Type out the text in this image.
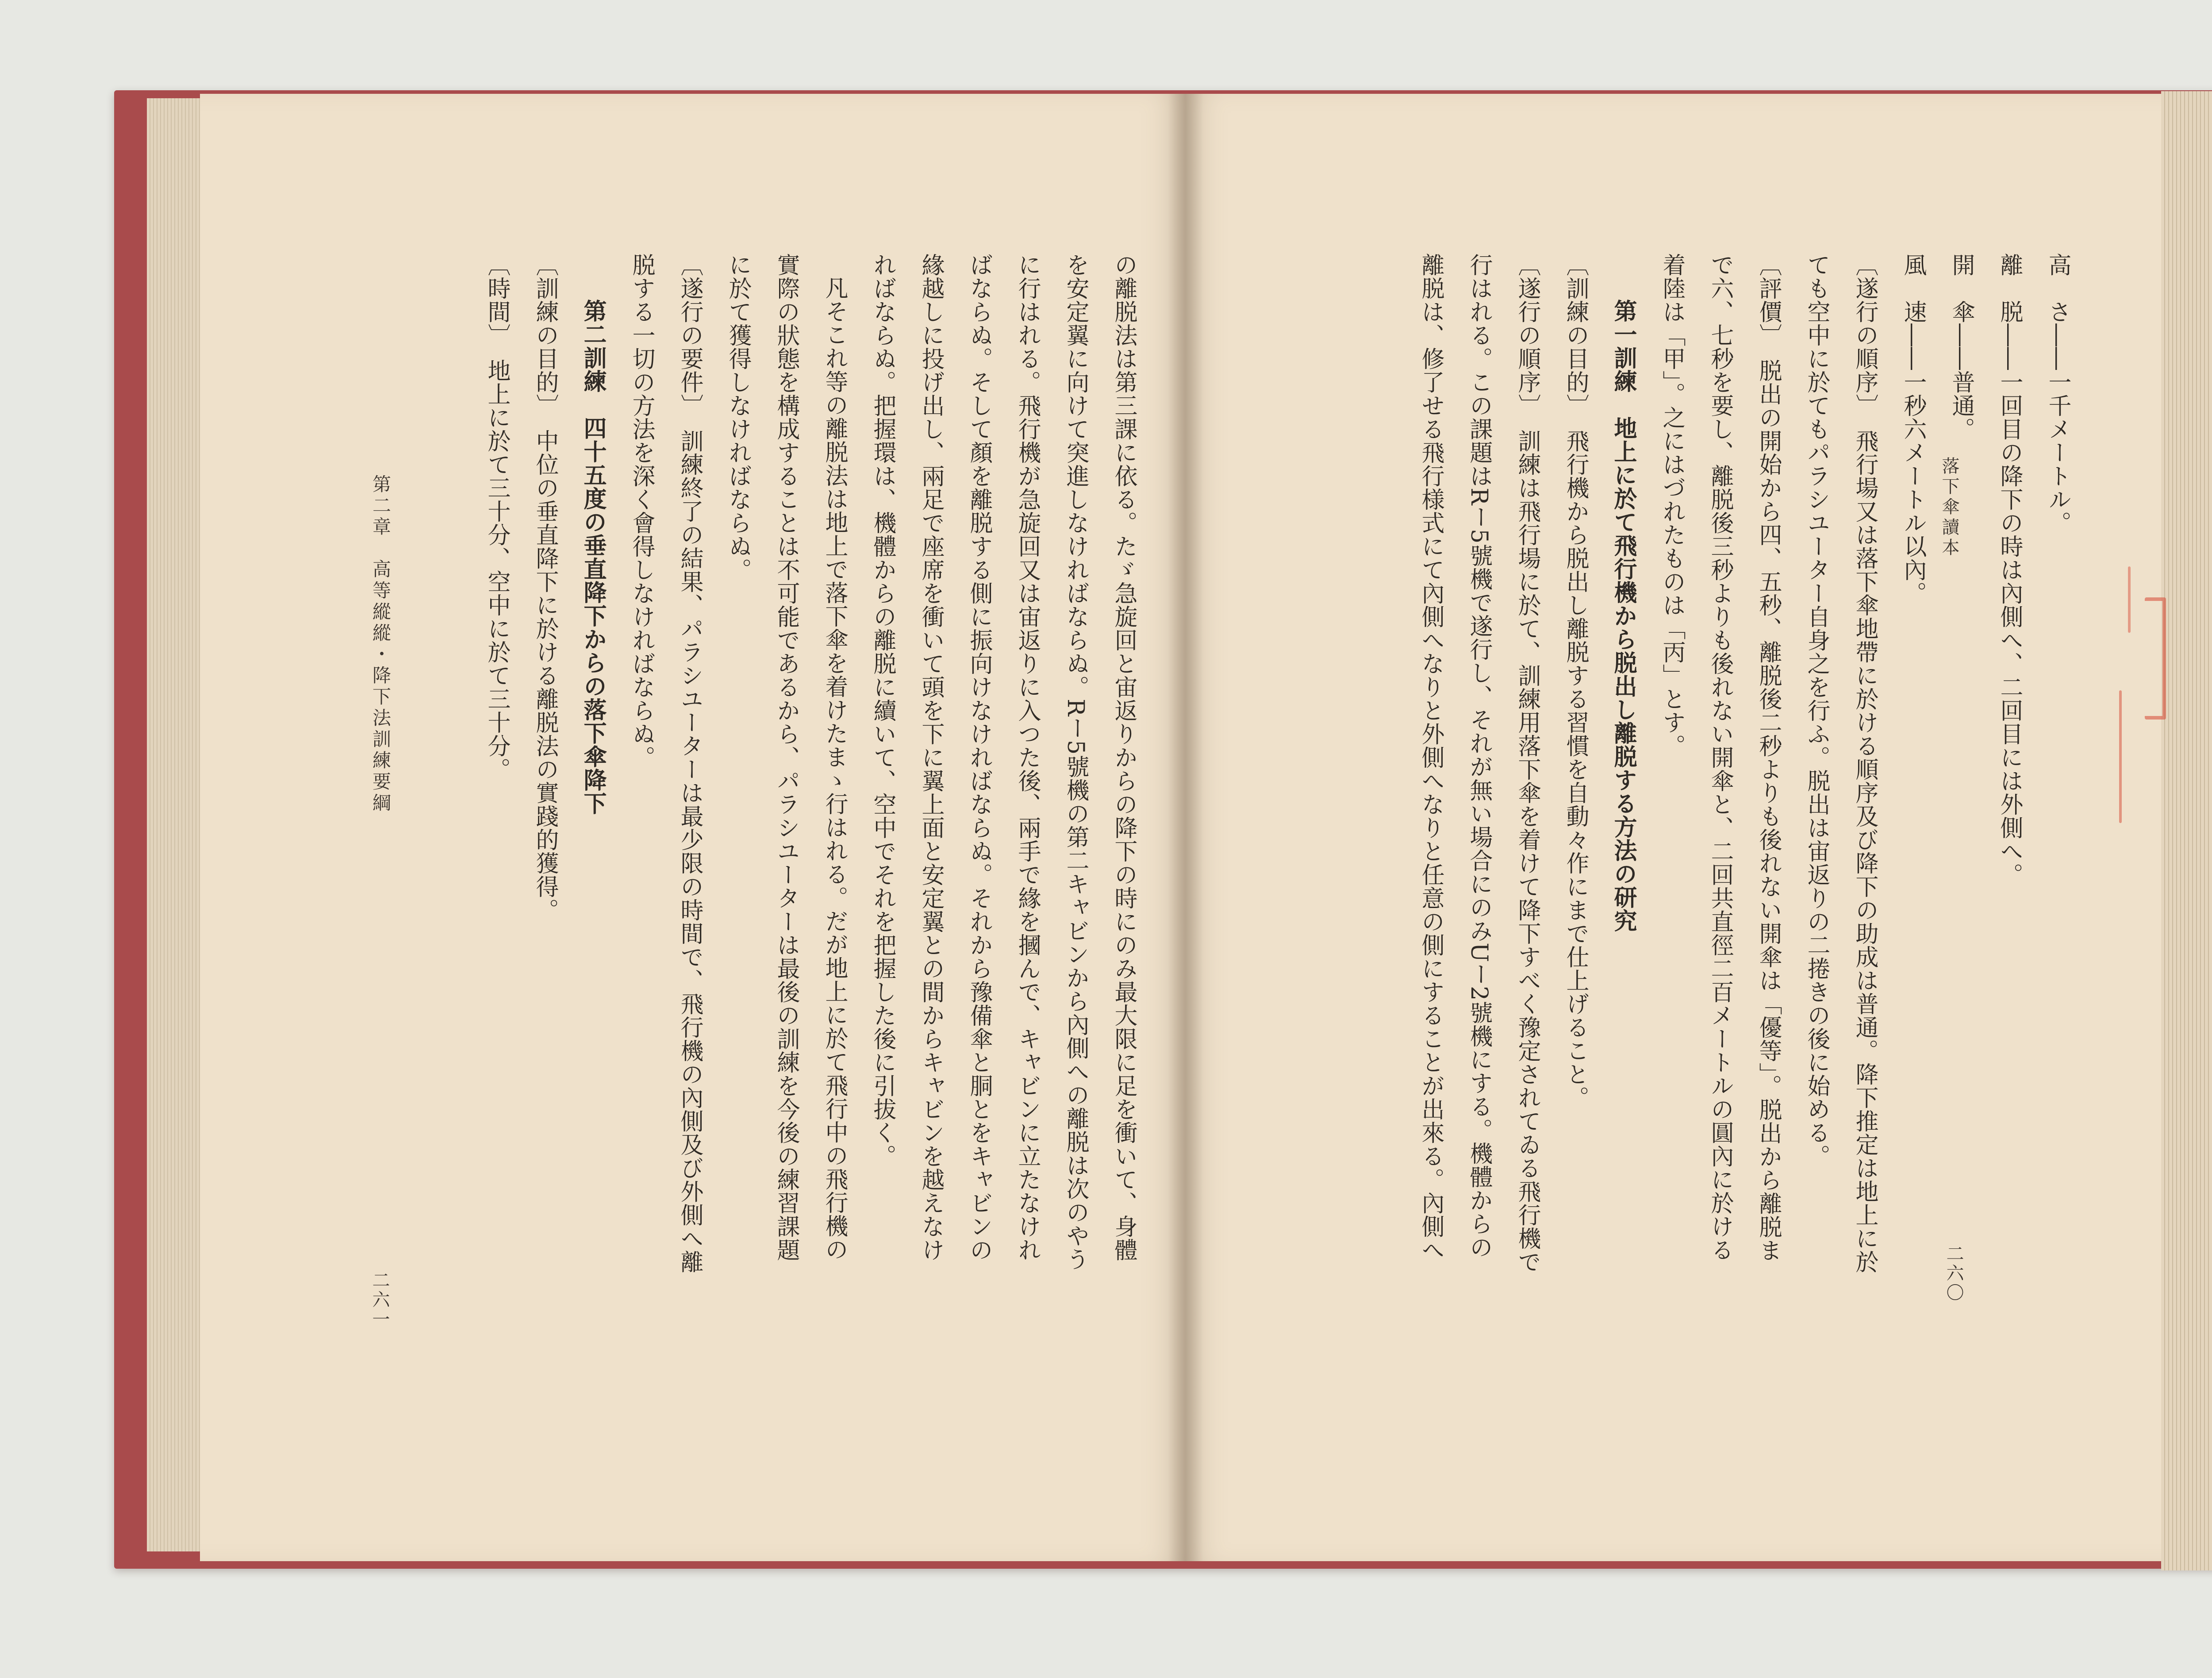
の離脱法は第三課に依る。たゞ急旋回と宙返りからの降下の時にのみ最大限に足を衝いて、身體
を安定翼に向けて突進しなければならぬ。Rー5號機の第二キャビンから內側への離脱は次のやう
に行はれる。飛行機が急旋回又は宙返りに入つた後、兩手で緣を摑んで、キャビンに立たなけれ
ばならぬ。そして顏を離脱する側に振向けなければならぬ。それから豫備傘と胴とをキャビンの
緣越しに投げ出し、兩足で座席を衝いて頭を下に翼上面と安定翼との間からキャビンを越えなけ
ればならぬ。把握環は、機體からの離脱に續いて、空中でそれを把握した後に引拔く。
凡そこれ等の離脱法は地上で落下傘を着けたまゝ行はれる。だが地上に於て飛行中の飛行機の
實際の狀態を構成することは不可能であるから、パラシユーターは最後の訓練を今後の練習課題
に於て獲得しなければならぬ。
〔遂行の要件〕　訓練終了の結果、パラシユーターは最少限の時間で、飛行機の內側及び外側へ離
脱する一切の方法を深く會得しなければならぬ。
第二訓練　四十五度の垂直降下からの落下傘降下
〔訓練の目的〕　中位の垂直降下に於ける離脱法の實踐的獲得。
〔時間〕　地上に於て三十分、空中に於て三十分。
第二章　高等縱縱・降下法訓練要綱
二六一
高　さ――一千メートル。
離　脱――一回目の降下の時は內側へ、二回目には外側へ。
開　傘――普通。
風　速――一秒六メートル以內。
〔遂行の順序〕　飛行場又は落下傘地帶に於ける順序及び降下の助成は普通。降下推定は地上に於
ても空中に於てもパラシユーター自身之を行ふ。脱出は宙返りの二捲きの後に始める。
〔評價〕　脱出の開始から四、五秒、離脱後二秒よりも後れない開傘は「優等」。脱出から離脱ま
で六、七秒を要し、離脱後三秒よりも後れない開傘と、二回共直徑二百メートルの圓內に於ける
着陸は「甲」。之にはづれたものは「丙」とす。
第一訓練　地上に於て飛行機から脱出し離脱する方法の研究
〔訓練の目的〕　飛行機から脱出し離脱する習慣を自動々作にまで仕上げること。
〔遂行の順序〕　訓練は飛行場に於て、訓練用落下傘を着けて降下すべく豫定されてゐる飛行機で
行はれる。この課題はRー5號機で遂行し、それが無い場合にのみUー2號機にする。機體からの
離脱は、修了せる飛行様式にて內側へなりと外側へなりと任意の側にすることが出來る。內側へ	落下傘讀本
二六〇
